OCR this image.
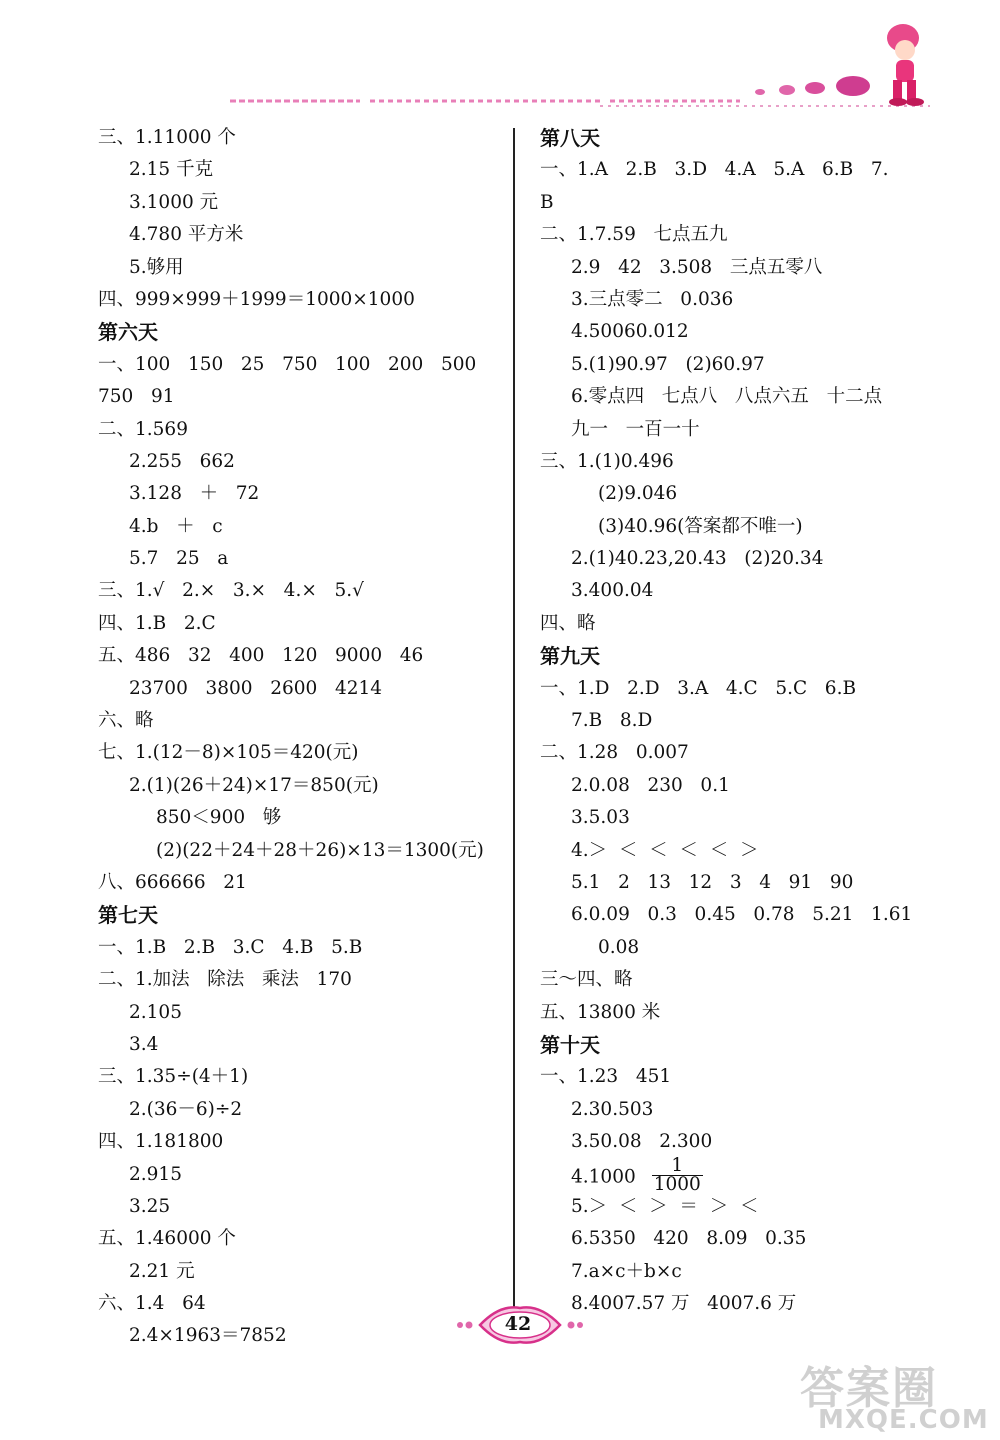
三、1.11000 个
2.15 千克
3.1000 元
4.780 平方米
5.够用
四、999×999＋1999＝1000×1000
第六天
一、100   150   25   750   100   200   500
750   91
二、1.569
2.255   662
3.128   ＋   72
4.b   ＋   c
5.7   25   a
三、1.√   2.×   3.×   4.×   5.√
四、1.B   2.C
五、486   32   400   120   9000   46
23700   3800   2600   4214
六、略
七、1.(12－8)×105＝420(元)
2.(1)(26＋24)×17＝850(元)
850＜900   够
(2)(22＋24＋28＋26)×13＝1300(元)
八、666666   21
第七天
一、1.B   2.B   3.C   4.B   5.B
二、1.加法   除法   乘法   170
2.105
3.4
三、1.35÷(4＋1)
2.(36－6)÷2
四、1.181800
2.915
3.25
五、1.46000 个
2.21 元
六、1.4   64
2.4×1963＝7852
第八天
一、1.A   2.B   3.D   4.A   5.A   6.B   7.
B
二、1.7.59   七点五九
2.9   42   3.508   三点五零八
3.三点零二   0.036
4.50060.012
5.(1)90.97   (2)60.97
6.零点四   七点八   八点六五   十二点
九一   一百一十
三、1.(1)0.496
(2)9.046
(3)40.96(答案都不唯一)
2.(1)40.23,20.43   (2)20.34
3.400.04
四、略
第九天
一、1.D   2.D   3.A   4.C   5.C   6.B
7.B   8.D
二、1.28   0.007
2.0.08   230   0.1
3.5.03
4.＞  ＜  ＜  ＜  ＜  ＞
5.1   2   13   12   3   4   91   90
6.0.09   0.3   0.45   0.78   5.21   1.61
0.08
三～四、略
五、13800 米
第十天
一、1.23   451
2.30.503
3.50.08   2.300
$4.1000 \frac{1}{1000}$
5.＞  ＜  ＞  ＝  ＞  ＜
6.5350   420   8.09   0.35
7.a×c＋b×c
8.4007.57 万   4007.6 万
42
答案圈
MXQE.COM
